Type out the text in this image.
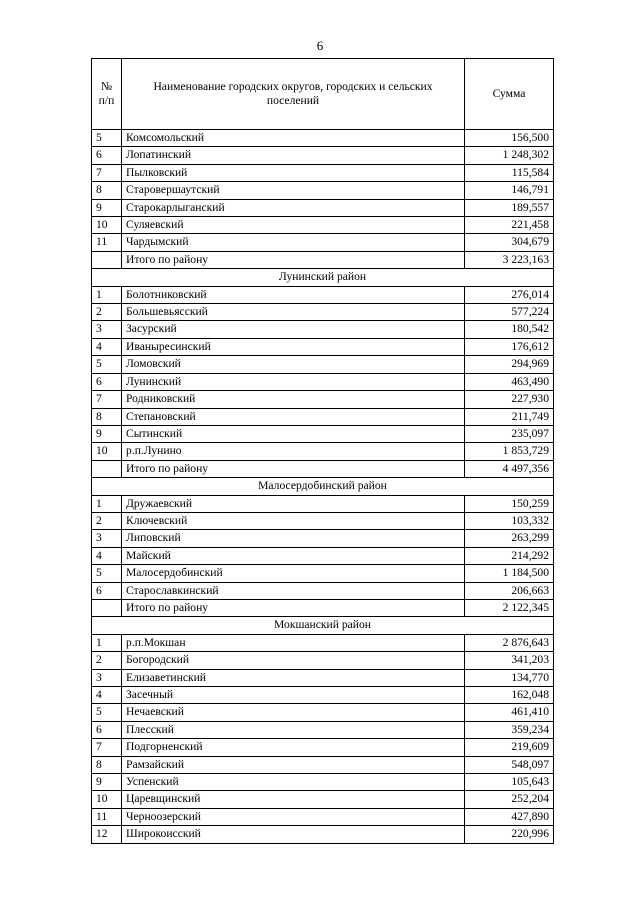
6
№ п/п	Наименование городских округов, городских и сельских поселений	Сумма
5	Комсомольский	156,500
6	Лопатинский	1 248,302
7	Пылковский	115,584
8	Старовершаутский	146,791
9	Старокарлыганский	189,557
10	Суляевский	221,458
11	Чардымский	304,679
	Итого по району	3 223,163
Лунинский район		
1	Болотниковский	276,014
2	Большевьясский	577,224
3	Засурский	180,542
4	Иваныресинский	176,612
5	Ломовский	294,969
6	Лунинский	463,490
7	Родниковский	227,930
8	Степановский	211,749
9	Сытинский	235,097
10	р.п.Лунино	1 853,729
	Итого по району	4 497,356
Малосердобинский район		
1	Дружаевский	150,259
2	Ключевский	103,332
3	Липовский	263,299
4	Майский	214,292
5	Малосердобинский	1 184,500
6	Старославкинский	206,663
	Итого по району	2 122,345
Мокшанский район		
1	р.п.Мокшан	2 876,643
2	Богородский	341,203
3	Елизаветинский	134,770
4	Засечный	162,048
5	Нечаевский	461,410
6	Плесский	359,234
7	Подгорненский	219,609
8	Рамзайский	548,097
9	Успенский	105,643
10	Царевщинский	252,204
11	Черноозерский	427,890
12	Широкоисский	220,996
